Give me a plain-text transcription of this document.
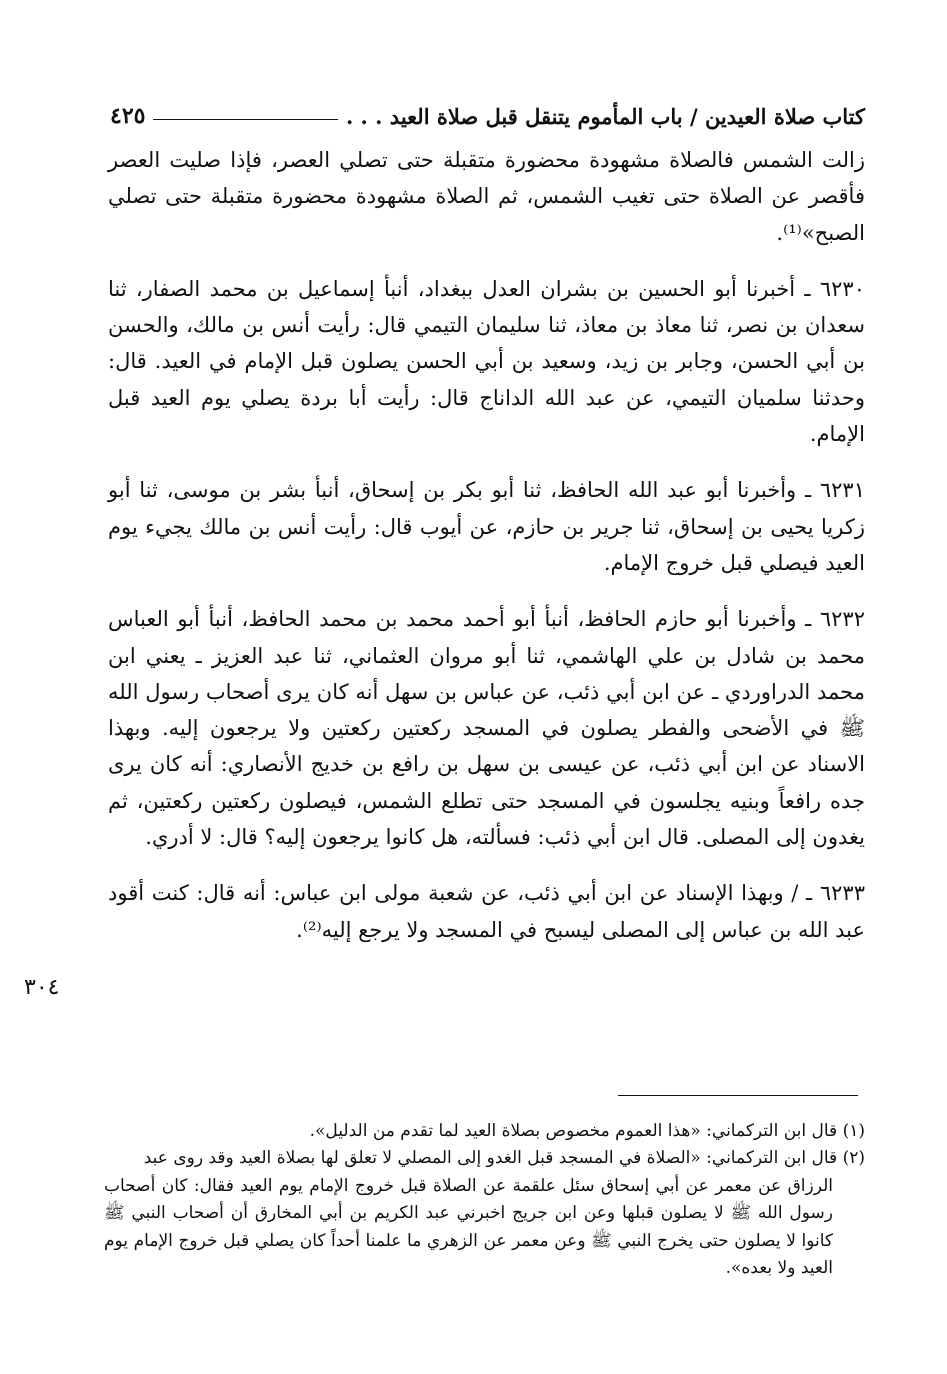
كتاب صلاة العيدين / باب المأموم يتنقل قبل صلاة العيد . . .
٤٢٥

زالت الشمس فالصلاة مشهودة محضورة متقبلة حتى تصلي العصر، فإذا صليت العصر فأقصر عن الصلاة حتى تغيب الشمس، ثم الصلاة مشهودة محضورة متقبلة حتى تصلي الصبح»⁽¹⁾.

٦٢٣٠ ـ أخبرنا أبو الحسين بن بشران العدل ببغداد، أنبأ إسماعيل بن محمد الصفار، ثنا سعدان بن نصر، ثنا معاذ بن معاذ، ثنا سليمان التيمي قال: رأيت أنس بن مالك، والحسن بن أبي الحسن، وجابر بن زيد، وسعيد بن أبي الحسن يصلون قبل الإمام في العيد. قال: وحدثنا سلميان التيمي، عن عبد الله الداناج قال: رأيت أبا بردة يصلي يوم العيد قبل الإمام.

٦٢٣١ ـ وأخبرنا أبو عبد الله الحافظ، ثنا أبو بكر بن إسحاق، أنبأ بشر بن موسى، ثنا أبو زكريا يحيى بن إسحاق، ثنا جرير بن حازم، عن أيوب قال: رأيت أنس بن مالك يجيء يوم العيد فيصلي قبل خروج الإمام.

٦٢٣٢ ـ وأخبرنا أبو حازم الحافظ، أنبأ أبو أحمد محمد بن محمد الحافظ، أنبأ أبو العباس محمد بن شادل بن علي الهاشمي، ثنا أبو مروان العثماني، ثنا عبد العزيز ـ يعني ابن محمد الدراوردي ـ عن ابن أبي ذئب، عن عباس بن سهل أنه كان يرى أصحاب رسول الله ﷺ في الأضحى والفطر يصلون في المسجد ركعتين ركعتين ولا يرجعون إليه. وبهذا الاسناد عن ابن أبي ذئب، عن عيسى بن سهل بن رافع بن خديج الأنصاري: أنه كان يرى جده رافعاً وبنيه يجلسون في المسجد حتى تطلع الشمس، فيصلون ركعتين ركعتين، ثم يغدون إلى المصلى. قال ابن أبي ذئب: فسألته، هل كانوا يرجعون إليه؟ قال: لا أدري.

٦٢٣٣ ـ / وبهذا الإسناد عن ابن أبي ذئب، عن شعبة مولى ابن عباس: أنه قال: كنت أقود عبد الله بن عباس إلى المصلى ليسبح في المسجد ولا يرجع إليه⁽²⁾.

٣٠٤

(١) قال ابن التركماني: «هذا العموم مخصوص بصلاة العيد لما تقدم من الدليل».

(٢) قال ابن التركماني: «الصلاة في المسجد قبل الغدو إلى المصلي لا تعلق لها بصلاة العيد وقد روى عبد

الرزاق عن معمر عن أبي إسحاق سئل علقمة عن الصلاة قبل خروج الإمام يوم العيد فقال: كان أصحاب رسول الله ﷺ لا يصلون قبلها وعن ابن جريج اخبرني عبد الكريم بن أبي المخارق أن أصحاب النبي ﷺ كانوا لا يصلون حتى يخرج النبي ﷺ وعن معمر عن الزهري ما علمنا أحداً كان يصلي قبل خروج الإمام يوم العيد ولا بعده».
